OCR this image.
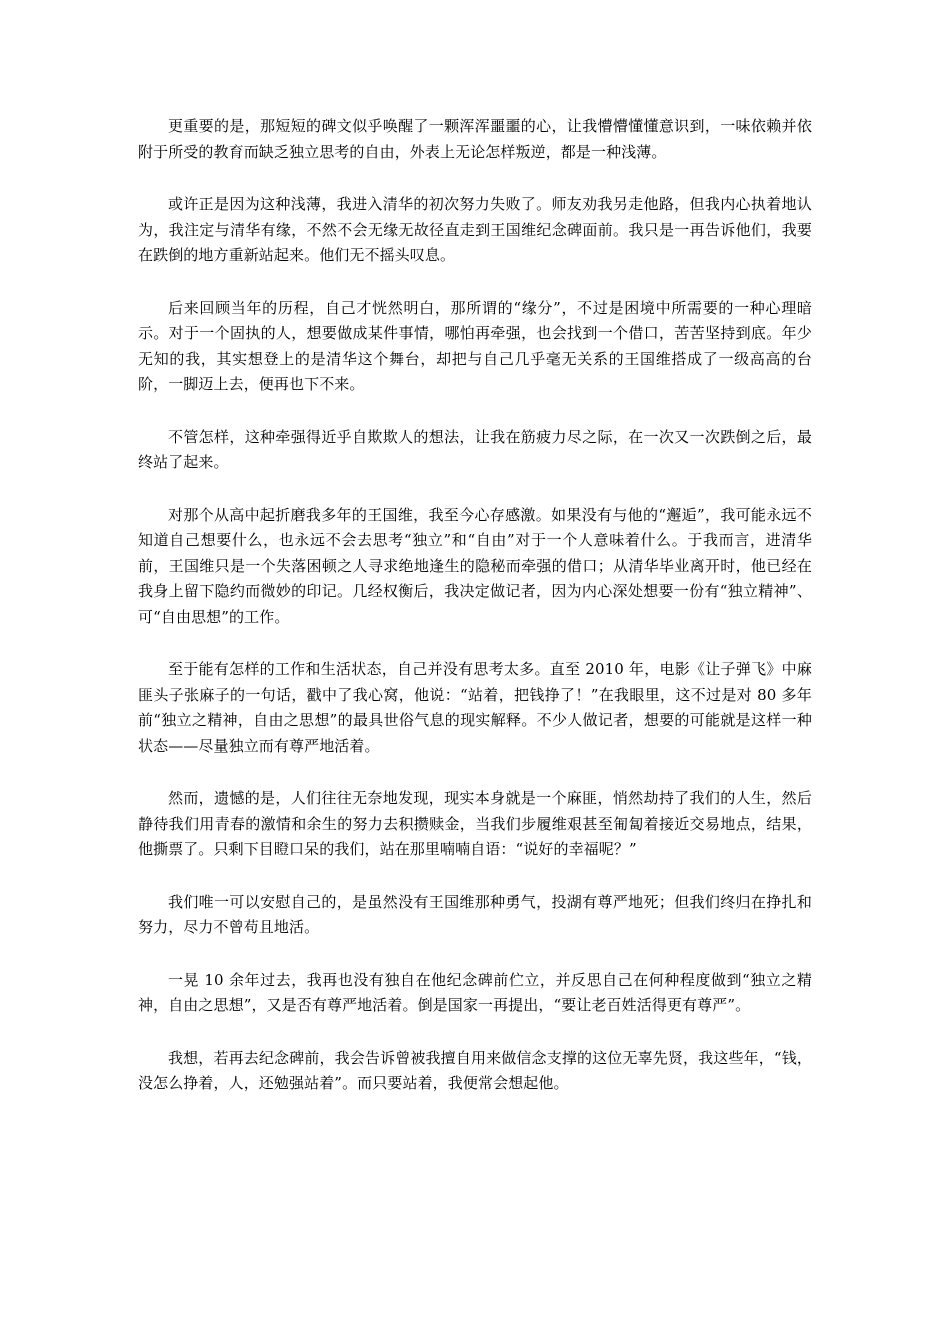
更重要的是，那短短的碑文似乎唤醒了一颗浑浑噩噩的心，让我懵懵懂懂意识到，一味依赖并依附于所受的教育而缺乏独立思考的自由，外表上无论怎样叛逆，都是一种浅薄。

或许正是因为这种浅薄，我进入清华的初次努力失败了。师友劝我另走他路，但我内心执着地认为，我注定与清华有缘，不然不会无缘无故径直走到王国维纪念碑面前。我只是一再告诉他们，我要在跌倒的地方重新站起来。他们无不摇头叹息。

后来回顾当年的历程，自己才恍然明白，那所谓的“缘分”，不过是困境中所需要的一种心理暗示。对于一个固执的人，想要做成某件事情，哪怕再牵强，也会找到一个借口，苦苦坚持到底。年少无知的我，其实想登上的是清华这个舞台，却把与自己几乎毫无关系的王国维搭成了一级高高的台阶，一脚迈上去，便再也下不来。

不管怎样，这种牵强得近乎自欺欺人的想法，让我在筋疲力尽之际，在一次又一次跌倒之后，最终站了起来。

对那个从高中起折磨我多年的王国维，我至今心存感激。如果没有与他的“邂逅”，我可能永远不知道自己想要什么，也永远不会去思考“独立”和“自由”对于一个人意味着什么。于我而言，进清华前，王国维只是一个失落困顿之人寻求绝地逢生的隐秘而牵强的借口；从清华毕业离开时，他已经在我身上留下隐约而微妙的印记。几经权衡后，我决定做记者，因为内心深处想要一份有“独立精神”、可“自由思想”的工作。

至于能有怎样的工作和生活状态，自己并没有思考太多。直至 2010 年，电影《让子弹飞》中麻匪头子张麻子的一句话，戳中了我心窝，他说：“站着，把钱挣了！”在我眼里，这不过是对 80 多年前“独立之精神，自由之思想”的最具世俗气息的现实解释。不少人做记者，想要的可能就是这样一种状态——尽量独立而有尊严地活着。

然而，遗憾的是，人们往往无奈地发现，现实本身就是一个麻匪，悄然劫持了我们的人生，然后静待我们用青春的激情和余生的努力去积攒赎金，当我们步履维艰甚至匍匐着接近交易地点，结果，他撕票了。只剩下目瞪口呆的我们，站在那里喃喃自语：“说好的幸福呢？”

我们唯一可以安慰自己的，是虽然没有王国维那种勇气，投湖有尊严地死；但我们终归在挣扎和努力，尽力不曾苟且地活。

一晃 10 余年过去，我再也没有独自在他纪念碑前伫立，并反思自己在何种程度做到“独立之精神，自由之思想”，又是否有尊严地活着。倒是国家一再提出，“要让老百姓活得更有尊严”。

我想，若再去纪念碑前，我会告诉曾被我擅自用来做信念支撑的这位无辜先贤，我这些年，“钱，没怎么挣着，人，还勉强站着”。而只要站着，我便常会想起他。
